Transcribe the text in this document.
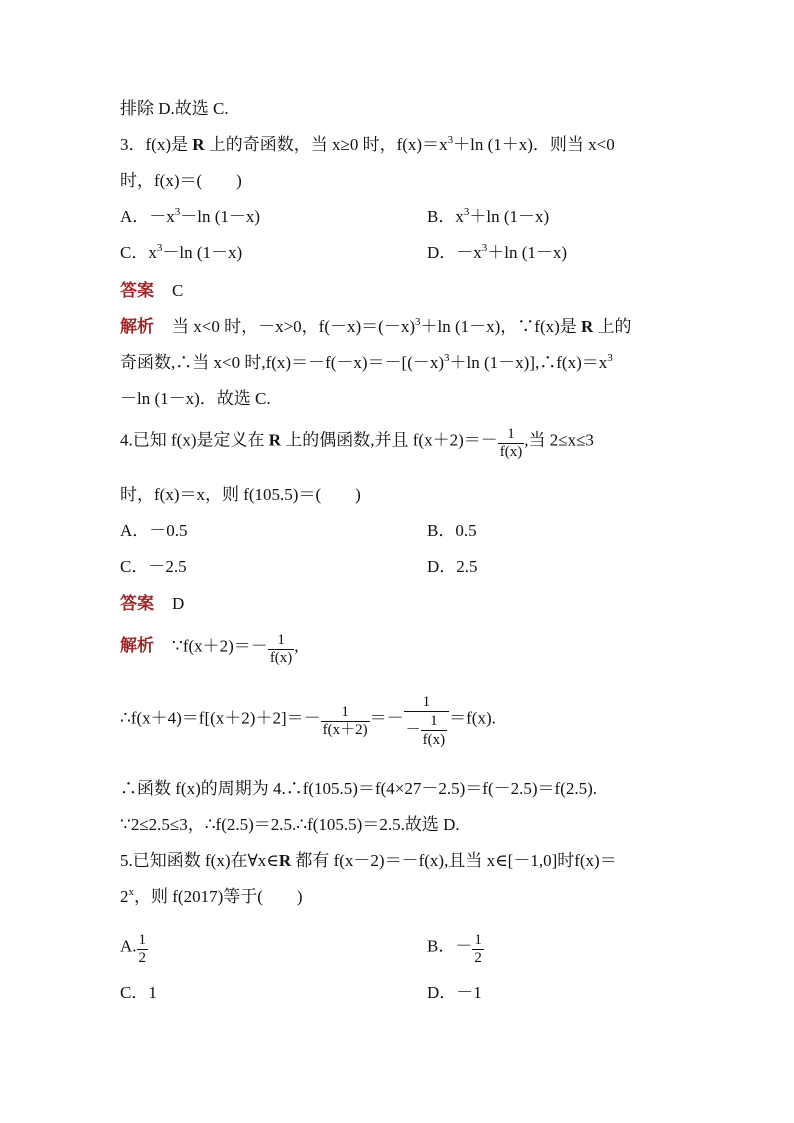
排除 D.故选 C.
3．f(x)是 R 上的奇函数，当 x≥0 时，$f(x)=x^3+\ln$ (1＋x)．则当 x<0
时，f(x)＝(　　)
A．$-x^3-\ln$ (1－x)	B．$x^3+\ln$ (1－x)
C．$x^3-\ln$ (1－x)	D．$-x^3+\ln$ (1－x)
答案 C
解析 当 x<0 时，－x>0，$f(-x)=(-x)^3+\ln$ (1－x)，∵f(x)是 R 上的
奇函数,∴当 x<0 时$,f(x)=-f(-x)=-[(-x)^3+\ln$ $(1-x)],\therefore f(x)=x^3$
－ln (1－x)．故选 C.
4.已知 f(x)是定义在 R 上的偶函数,并且 $f(x+2)=- \frac{1}{f(x)}$ ,当 2≤x≤3
时，f(x)＝x，则 f(105.5)＝(　　)
A．－0.5	B．0.5
C．－2.5	D．2.5
答案 D
解析 ∵f(x＋2)＝－ $\frac{1}{f(x)}$ ,
∴f(x＋4)＝f[(x＋2)＋2]＝－ $\frac{1}{f(x+2)} =- \frac{1}{- \frac{1}{f(x)}} =f(x)$.
∴函数 f(x)的周期为 4.∴f(105.5)＝f(4×27－2.5)＝f(－2.5)＝f(2.5).
∵2≤2.5≤3，∴f(2.5)＝2.5.∴f(105.5)＝2.5.故选 D.
5.已知函数 f(x)在∀x∈R 都有 f(x－2)＝－f(x),且当 x∈[－1,0]时f(x)＝
$2^x$，则 f(2017)等于(　　)
A. $\frac{1}{2}$	B．－ $\frac{1}{2}$
C．1	D．－1
